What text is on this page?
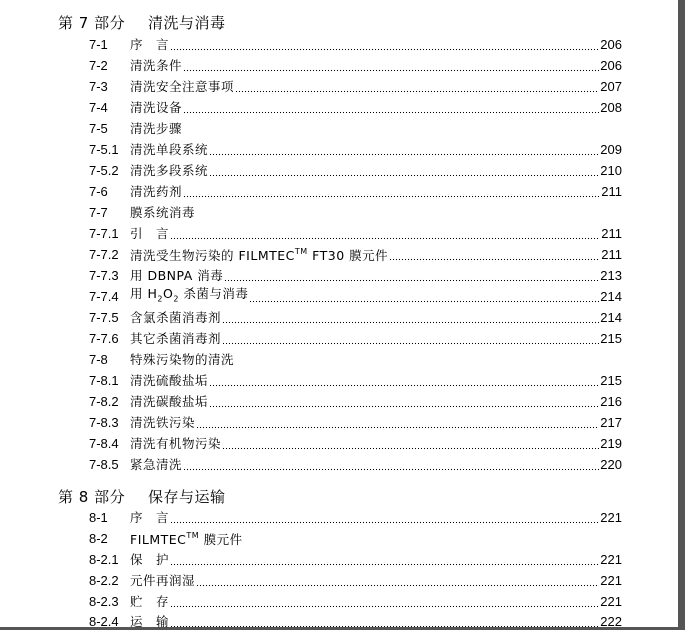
第 7 部分	清洗与消毒
7-1	序　言	206
7-2	清洗条件	206
7-3	清洗安全注意事项	207
7-4	清洗设备	208
7-5	清洗步骤
7-5.1 清洗单段系统	209
7-5.2 清洗多段系统	210
7-6	清洗药剂	211
7-7	膜系统消毒
7-7.1 引　言	211
7-7.2 清洗受生物污染的 FILMTEC™ FT30 膜元件	211
7-7.3 用 DBNPA 消毒	213
7-7.4 用 $H_2O_2$ 杀菌与消毒	214
7-7.5 含氯杀菌消毒剂	214
7-7.6 其它杀菌消毒剂	215
7-8	特殊污染物的清洗
7-8.1 清洗硫酸盐垢	215
7-8.2 清洗碳酸盐垢	216
7-8.3 清洗铁污染	217
7-8.4 清洗有机物污染	219
7-8.5 紧急清洗	220
第 8 部分	保存与运输
8-1	序　言	221
8-2	FILMTEC™ 膜元件
8-2.1 保　护	221
8-2.2 元件再润湿	221
8-2.3 贮　存	221
8-2.4 运　输	222
